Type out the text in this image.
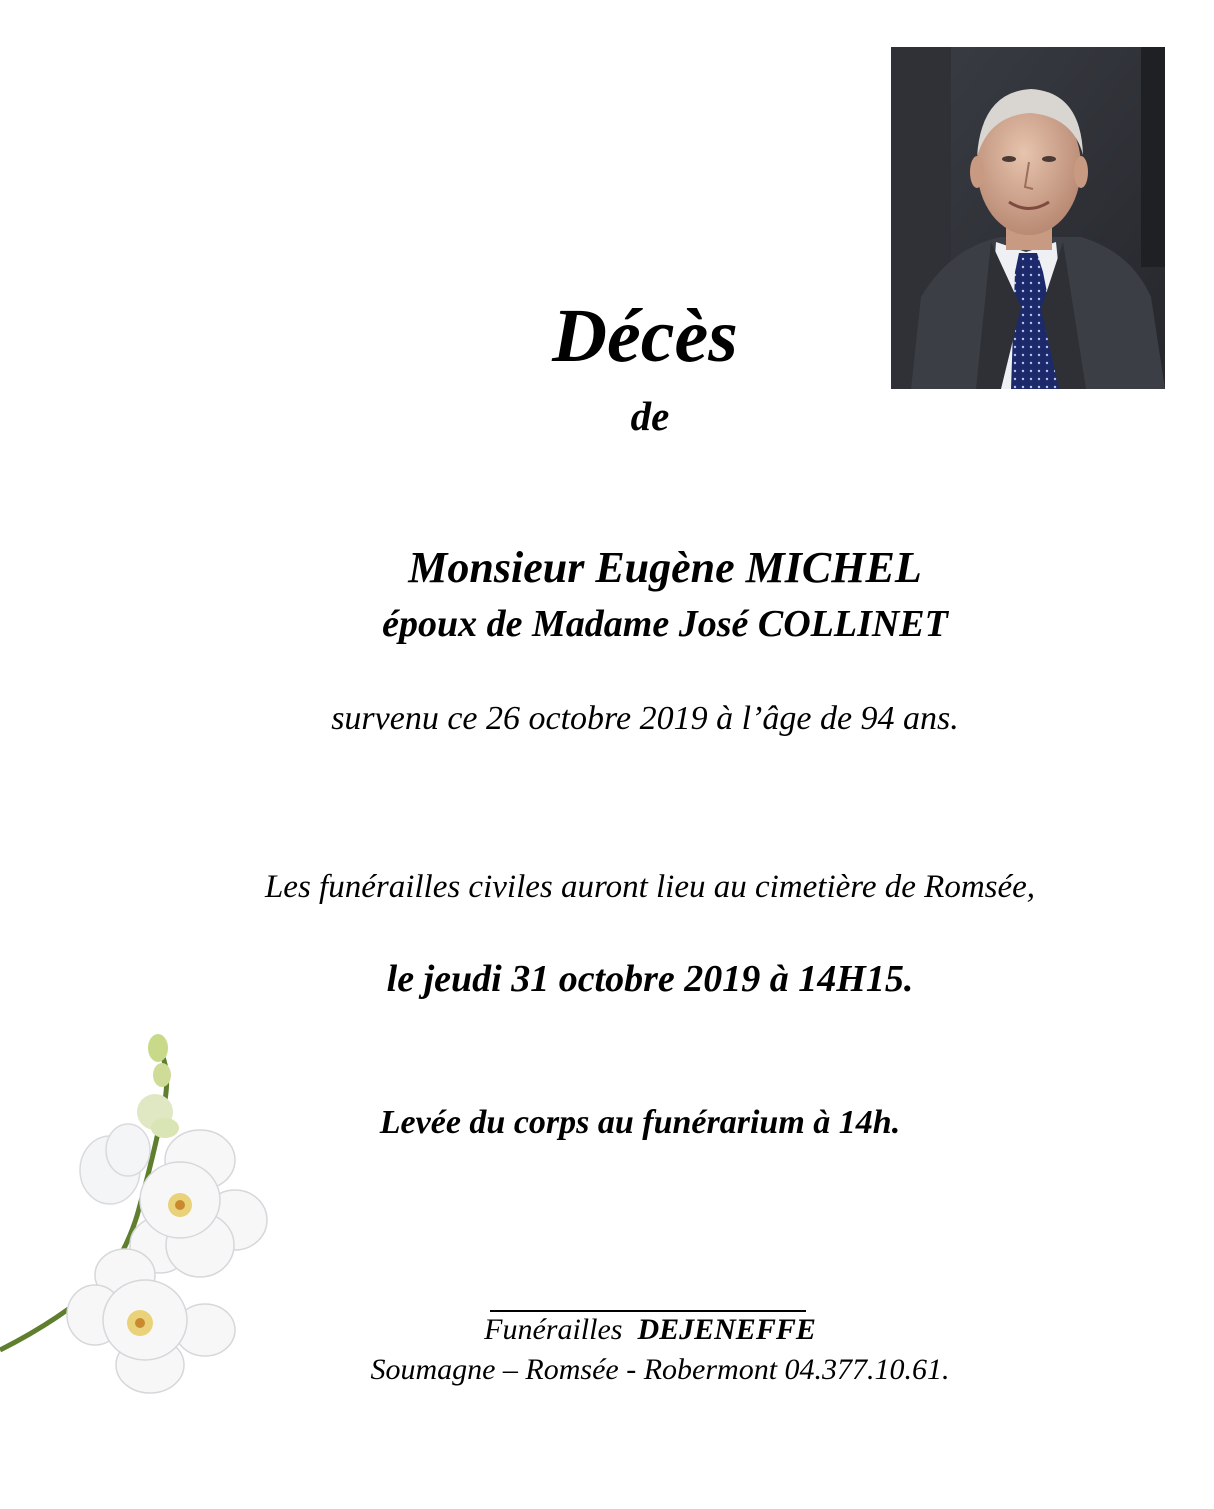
Décès
de
Monsieur Eugène MICHEL
époux de Madame José COLLINET
survenu ce 26 octobre 2019 à l’âge de 94 ans.
Les funérailles civiles auront lieu au cimetière de Romsée,
le jeudi 31 octobre 2019 à 14H15.
Levée du corps au funérarium à 14h.
Funérailles DEJENEFFE
Soumagne – Romsée - Robermont 04.377.10.61.
